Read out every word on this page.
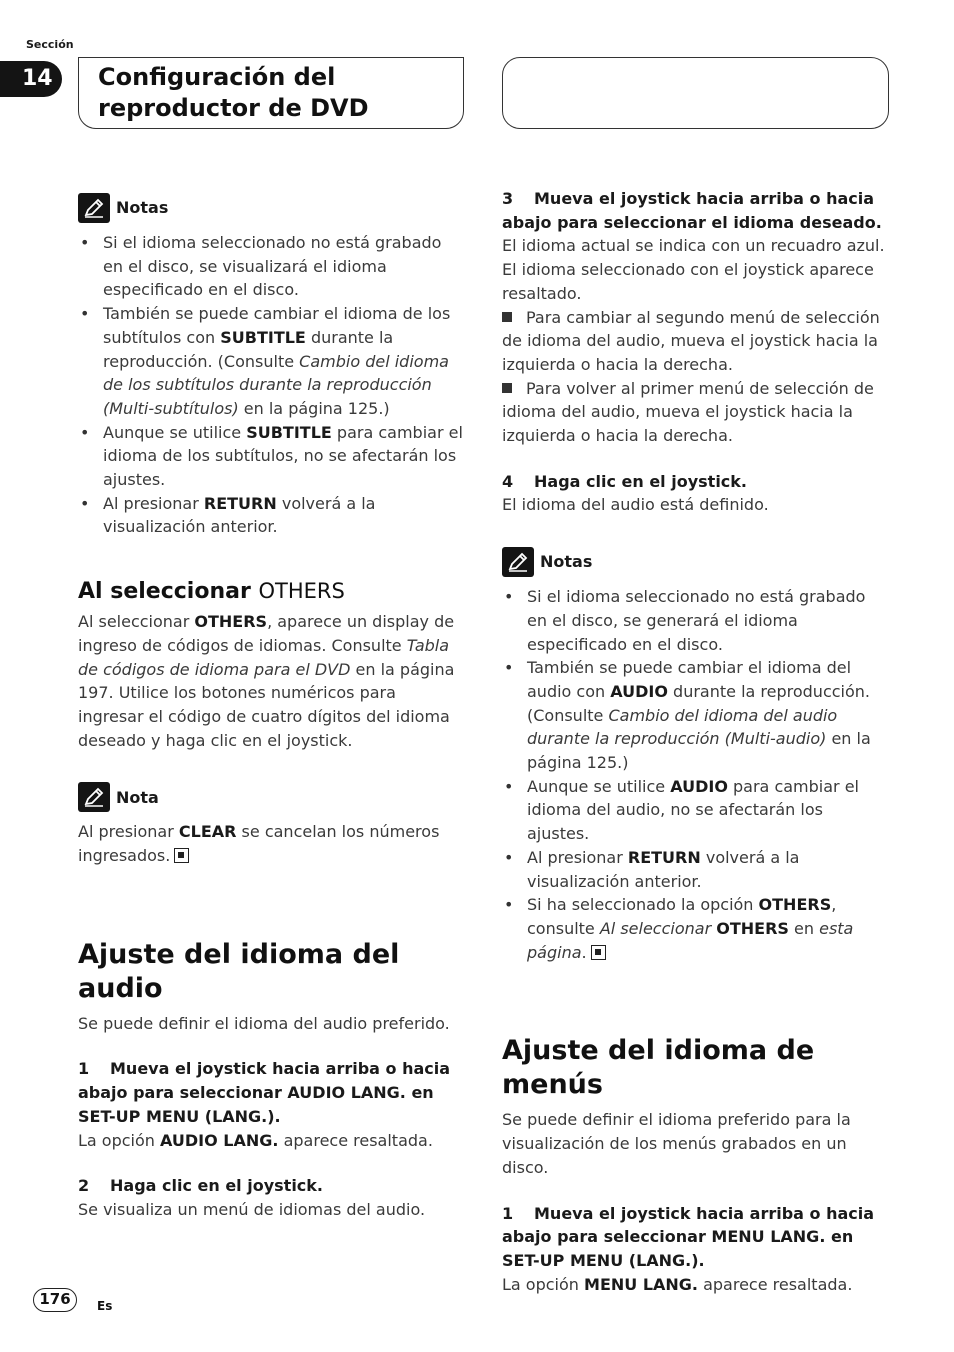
Sección
14	Configuración del
reproductor de DVD
Notas
• Si el idioma seleccionado no está grabado en el disco, se visualizará el idioma especificado en el disco.
• También se puede cambiar el idioma de los subtítulos con SUBTITLE durante la reproducción. (Consulte Cambio del idioma de los subtítulos durante la reproducción (Multi-subtítulos) en la página 125.)
• Aunque se utilice SUBTITLE para cambiar el idioma de los subtítulos, no se afectarán los ajustes.
• Al presionar RETURN volverá a la visualización anterior.
Al seleccionar OTHERS

Al seleccionar OTHERS, aparece un display de ingreso de códigos de idiomas. Consulte Tabla de códigos de idioma para el DVD en la página 197. Utilice los botones numéricos para ingresar el código de cuatro dígitos del idioma deseado y haga clic en el joystick.

Nota

Al presionar CLEAR se cancelan los números ingresados.

Ajuste del idioma del audio

Se puede definir el idioma del audio preferido.

1 Mueva el joystick hacia arriba o hacia abajo para seleccionar AUDIO LANG. en SET-UP MENU (LANG.).

La opción AUDIO LANG. aparece resaltada.

2 Haga clic en el joystick.

Se visualiza un menú de idiomas del audio.

3 Mueva el joystick hacia arriba o hacia abajo para seleccionar el idioma deseado.

El idioma actual se indica con un recuadro azul. El idioma seleccionado con el joystick aparece resaltado.

Para cambiar al segundo menú de selección de idioma del audio, mueva el joystick hacia la izquierda o hacia la derecha.

Para volver al primer menú de selección de idioma del audio, mueva el joystick hacia la izquierda o hacia la derecha.

4 Haga clic en el joystick.

El idioma del audio está definido.

Notas
• Si el idioma seleccionado no está grabado en el disco, se generará el idioma especificado en el disco.
• También se puede cambiar el idioma del audio con AUDIO durante la reproducción. (Consulte Cambio del idioma del audio durante la reproducción (Multi-audio) en la página 125.)
• Aunque se utilice AUDIO para cambiar el idioma del audio, no se afectarán los ajustes.
• Al presionar RETURN volverá a la visualización anterior.
• Si ha seleccionado la opción OTHERS, consulte Al seleccionar OTHERS en esta página.
Ajuste del idioma de menús

Se puede definir el idioma preferido para la visualización de los menús grabados en un disco.

1 Mueva el joystick hacia arriba o hacia abajo para seleccionar MENU LANG. en SET-UP MENU (LANG.).

La opción MENU LANG. aparece resaltada.

176	Es
